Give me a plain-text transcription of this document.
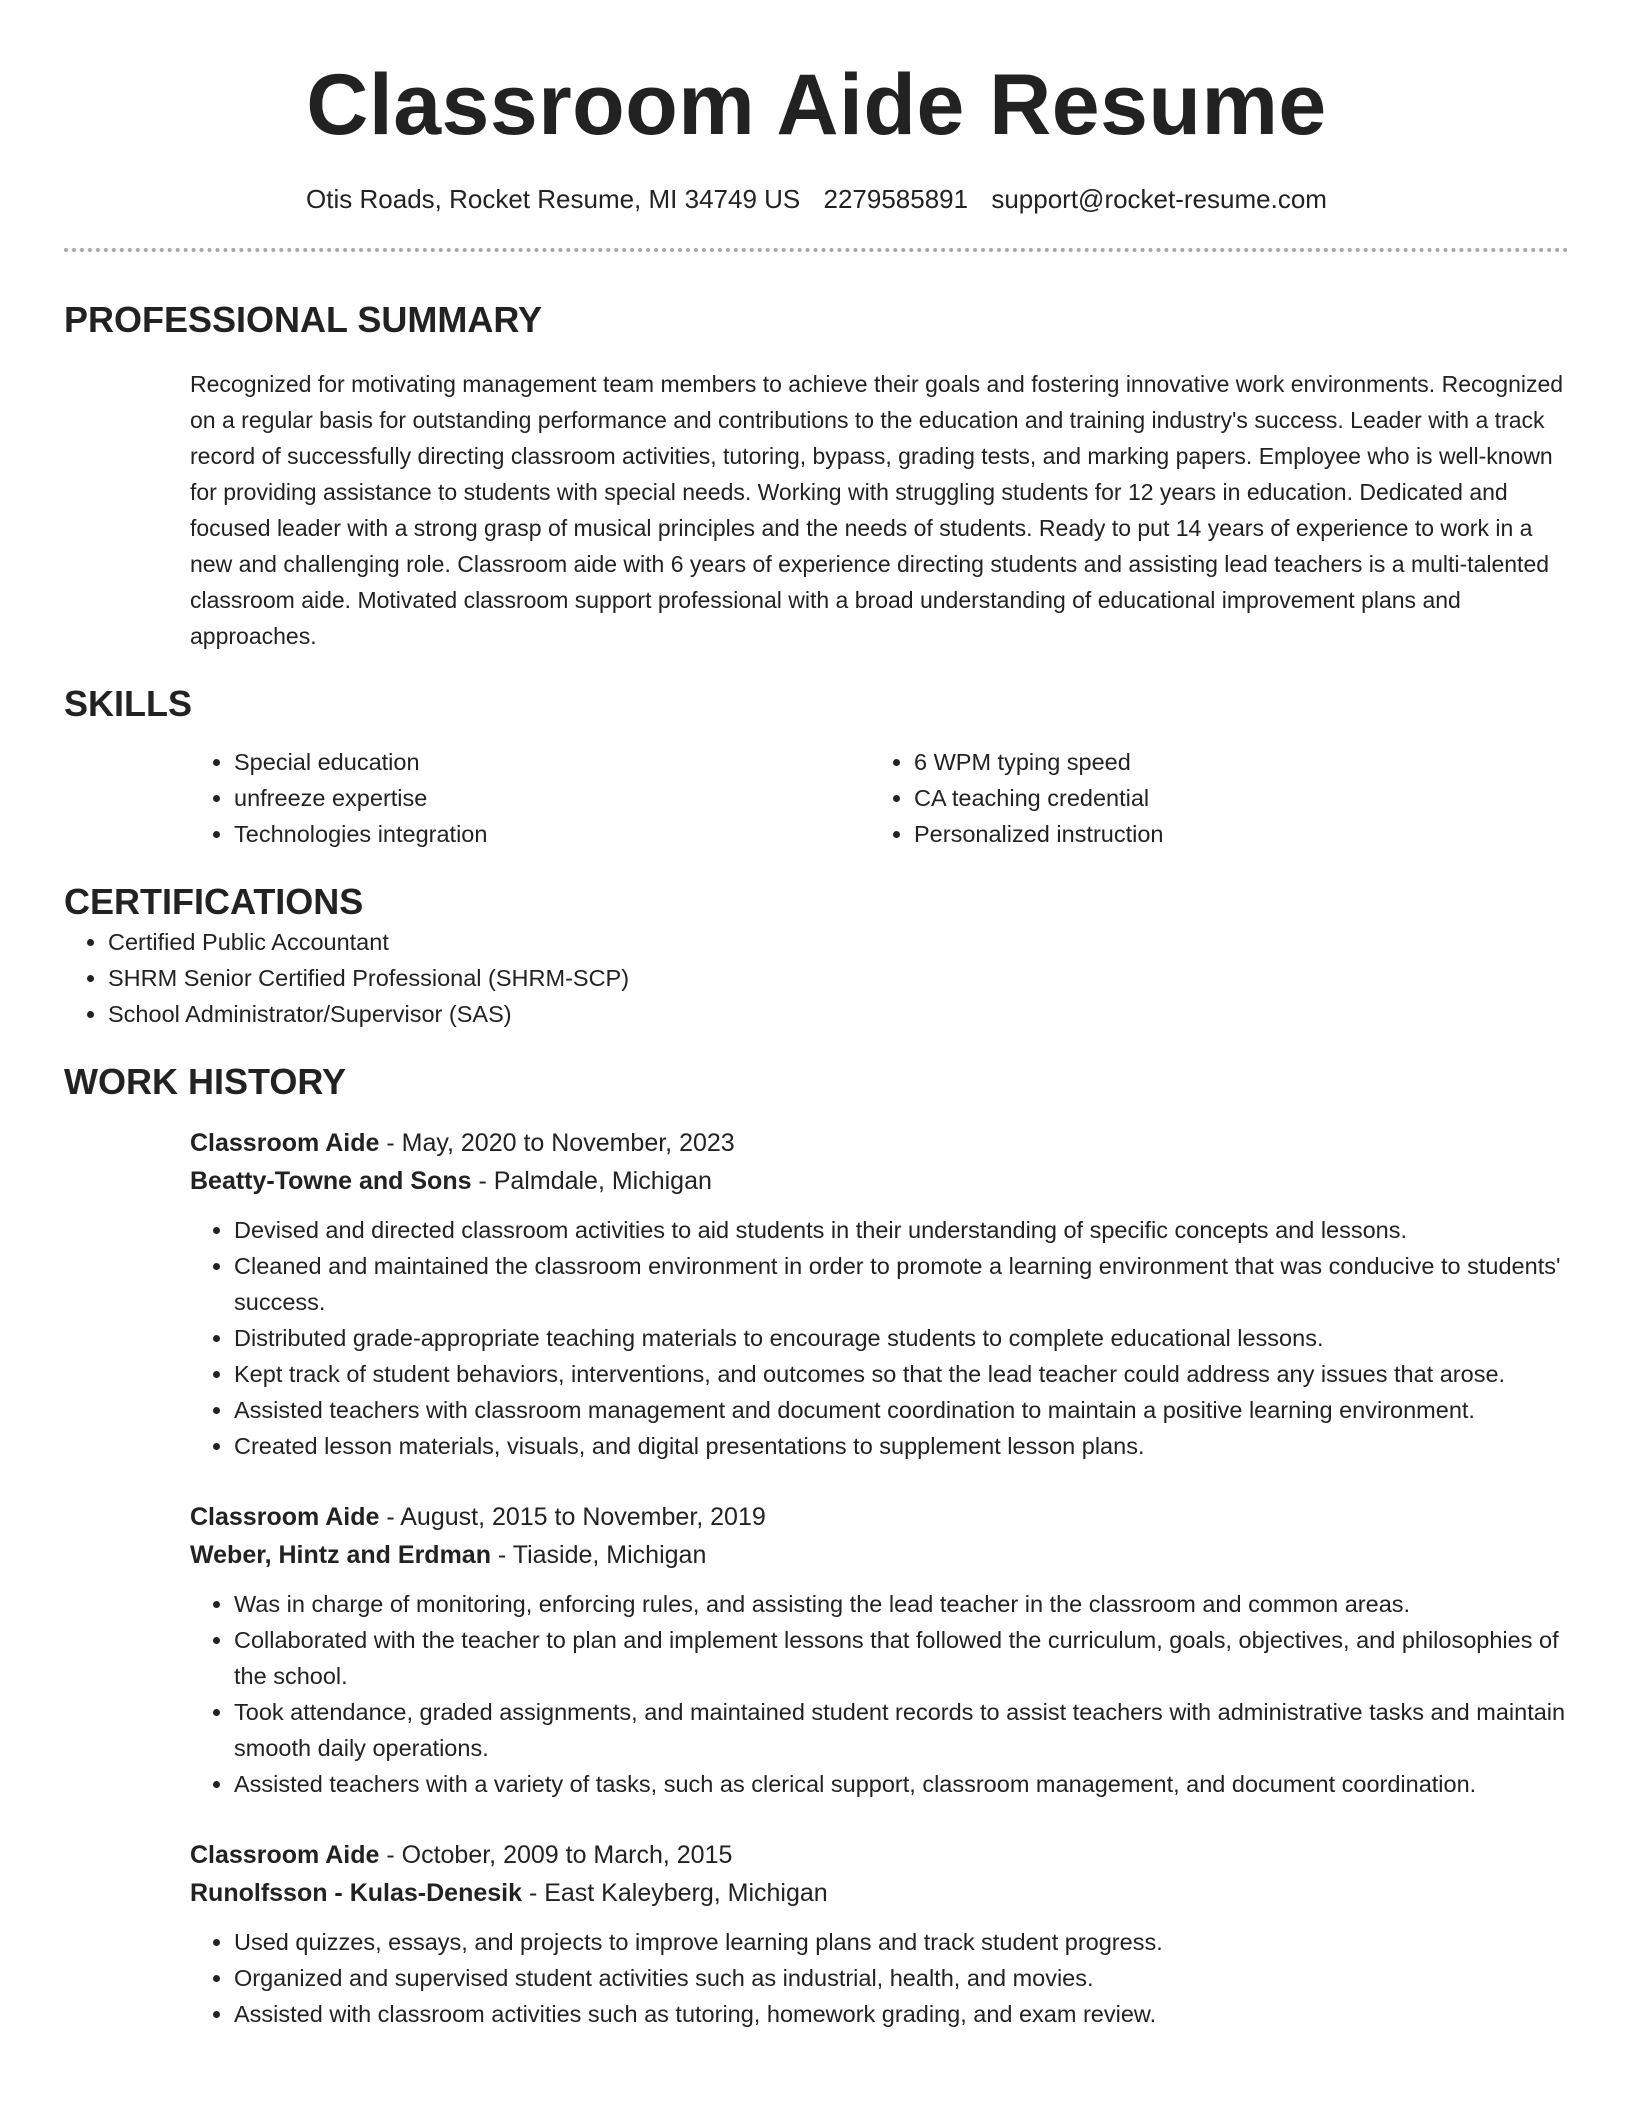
Classroom Aide Resume
Otis Roads, Rocket Resume, MI 34749 US 2279585891 support@rocket-resume.com
PROFESSIONAL SUMMARY
Recognized for motivating management team members to achieve their goals and fostering innovative work environments. Recognized on a regular basis for outstanding performance and contributions to the education and training industry's success. Leader with a track record of successfully directing classroom activities, tutoring, bypass, grading tests, and marking papers. Employee who is well-known for providing assistance to students with special needs. Working with struggling students for 12 years in education. Dedicated and focused leader with a strong grasp of musical principles and the needs of students. Ready to put 14 years of experience to work in a new and challenging role. Classroom aide with 6 years of experience directing students and assisting lead teachers is a multi-talented classroom aide. Motivated classroom support professional with a broad understanding of educational improvement plans and approaches.
SKILLS
• Special education
• unfreeze expertise
• Technologies integration
• 6 WPM typing speed
• CA teaching credential
• Personalized instruction
CERTIFICATIONS
• Certified Public Accountant
• SHRM Senior Certified Professional (SHRM-SCP)
• School Administrator/Supervisor (SAS)
WORK HISTORY
Classroom Aide - May, 2020 to November, 2023
Beatty-Towne and Sons - Palmdale, Michigan
• Devised and directed classroom activities to aid students in their understanding of specific concepts and lessons.
• Cleaned and maintained the classroom environment in order to promote a learning environment that was conducive to students' success.
• Distributed grade-appropriate teaching materials to encourage students to complete educational lessons.
• Kept track of student behaviors, interventions, and outcomes so that the lead teacher could address any issues that arose.
• Assisted teachers with classroom management and document coordination to maintain a positive learning environment.
• Created lesson materials, visuals, and digital presentations to supplement lesson plans.
Classroom Aide - August, 2015 to November, 2019
Weber, Hintz and Erdman - Tiaside, Michigan
• Was in charge of monitoring, enforcing rules, and assisting the lead teacher in the classroom and common areas.
• Collaborated with the teacher to plan and implement lessons that followed the curriculum, goals, objectives, and philosophies of the school.
• Took attendance, graded assignments, and maintained student records to assist teachers with administrative tasks and maintain smooth daily operations.
• Assisted teachers with a variety of tasks, such as clerical support, classroom management, and document coordination.
Classroom Aide - October, 2009 to March, 2015
Runolfsson - Kulas-Denesik - East Kaleyberg, Michigan
• Used quizzes, essays, and projects to improve learning plans and track student progress.
• Organized and supervised student activities such as industrial, health, and movies.
• Assisted with classroom activities such as tutoring, homework grading, and exam review.
